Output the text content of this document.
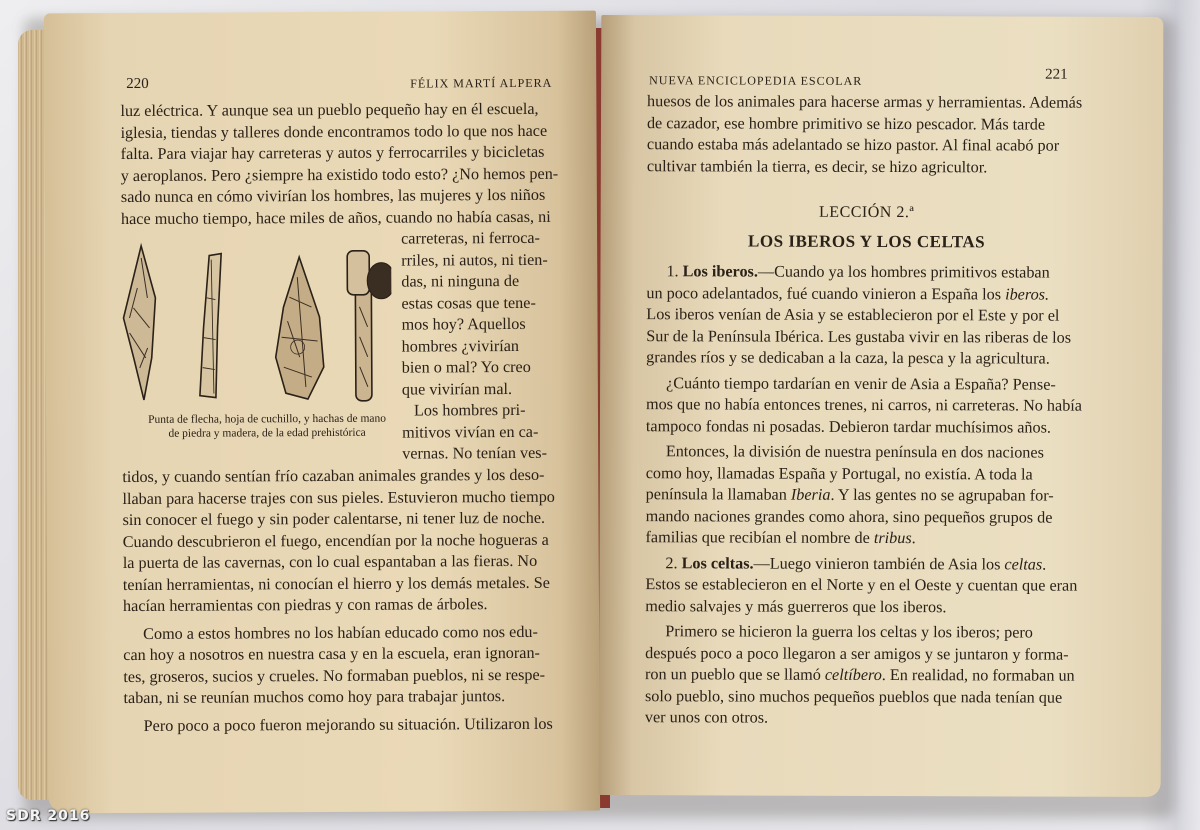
220	FÉLIX MARTÍ ALPERA

luz eléctrica. Y aunque sea un pueblo pequeño hay en él escuela,

iglesia, tiendas y talleres donde encontramos todo lo que nos hace

falta. Para viajar hay carreteras y autos y ferrocarriles y bicicletas

y aeroplanos. Pero ¿siempre ha existido todo esto? ¿No hemos pen-

sado nunca en cómo vivirían los hombres, las mujeres y los niños

hace mucho tiempo, hace miles de años, cuando no había casas, ni

Punta de flecha, hoja de cuchillo, y hachas de mano
de piedra y madera, de la edad prehistórica

carreteras, ni ferroca-

rriles, ni autos, ni tien-

das, ni ninguna de

estas cosas que tene-

mos hoy? Aquellos

hombres ¿vivirían

bien o mal? Yo creo

que vivirían mal.

Los hombres pri-

mitivos vivían en ca-

vernas. No tenían ves-

tidos, y cuando sentían frío cazaban animales grandes y los deso-

llaban para hacerse trajes con sus pieles. Estuvieron mucho tiempo

sin conocer el fuego y sin poder calentarse, ni tener luz de noche.

Cuando descubrieron el fuego, encendían por la noche hogueras a

la puerta de las cavernas, con lo cual espantaban a las fieras. No

tenían herramientas, ni conocían el hierro y los demás metales. Se

hacían herramientas con piedras y con ramas de árboles.

Como a estos hombres no los habían educado como nos edu-

can hoy a nosotros en nuestra casa y en la escuela, eran ignoran-

tes, groseros, sucios y crueles. No formaban pueblos, ni se respe-

taban, ni se reunían muchos como hoy para trabajar juntos.

Pero poco a poco fueron mejorando su situación. Utilizaron los

NUEVA ENCICLOPEDIA ESCOLAR	221

huesos de los animales para hacerse armas y herramientas. Además

de cazador, ese hombre primitivo se hizo pescador. Más tarde

cuando estaba más adelantado se hizo pastor. Al final acabó por

cultivar también la tierra, es decir, se hizo agricultor.

LECCIÓN 2.ª

LOS IBEROS Y LOS CELTAS

1. Los iberos.—Cuando ya los hombres primitivos estaban

un poco adelantados, fué cuando vinieron a España los iberos.

Los iberos venían de Asia y se establecieron por el Este y por el

Sur de la Península Ibérica. Les gustaba vivir en las riberas de los

grandes ríos y se dedicaban a la caza, la pesca y la agricultura.

¿Cuánto tiempo tardarían en venir de Asia a España? Pense-

mos que no había entonces trenes, ni carros, ni carreteras. No había

tampoco fondas ni posadas. Debieron tardar muchísimos años.

Entonces, la división de nuestra península en dos naciones

como hoy, llamadas España y Portugal, no existía. A toda la

península la llamaban Iberia. Y las gentes no se agrupaban for-

mando naciones grandes como ahora, sino pequeños grupos de

familias que recibían el nombre de tribus.

2. Los celtas.—Luego vinieron también de Asia los celtas.

Estos se establecieron en el Norte y en el Oeste y cuentan que eran

medio salvajes y más guerreros que los iberos.

Primero se hicieron la guerra los celtas y los iberos; pero

después poco a poco llegaron a ser amigos y se juntaron y forma-

ron un pueblo que se llamó celtíbero. En realidad, no formaban un

solo pueblo, sino muchos pequeños pueblos que nada tenían que

ver unos con otros.

SDR 2016
